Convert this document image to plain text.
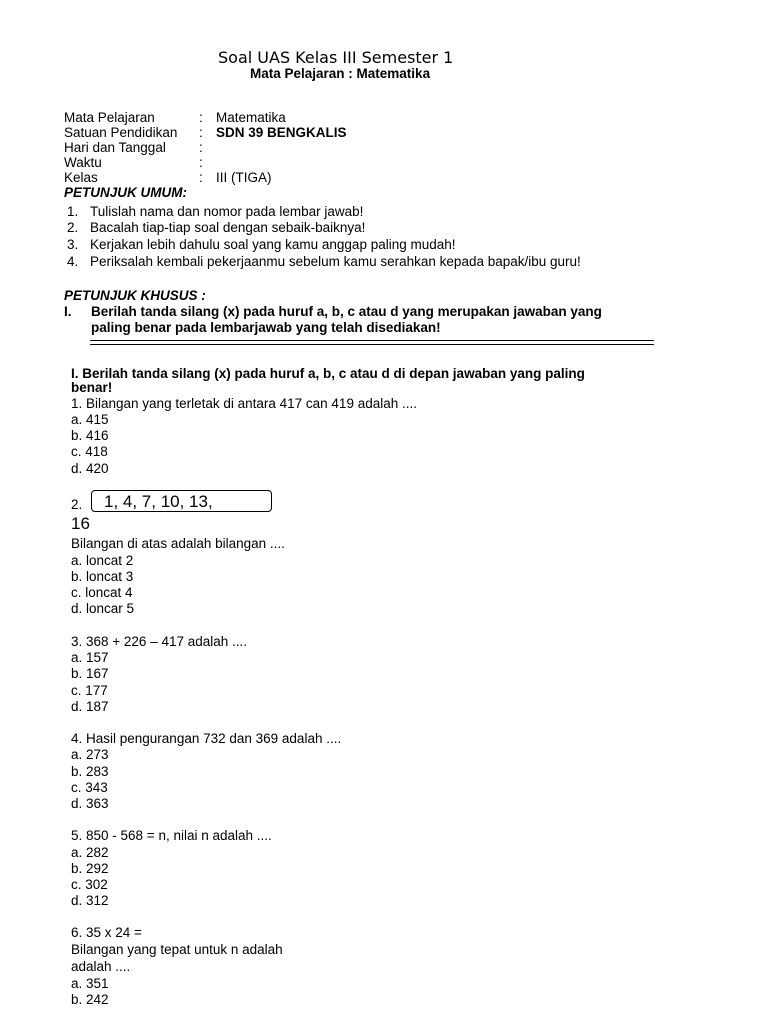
Soal UAS Kelas III Semester 1
Mata Pelajaran : Matematika
Mata Pelajaran	: Matematika
Satuan Pendidikan : SDN 39 BENGKALIS
Hari dan Tanggal :
Waktu	:
Kelas	: III (TIGA)
PETUNJUK UMUM:
1. Tulislah nama dan nomor pada lembar jawab!
2. Bacalah tiap-tiap soal dengan sebaik-baiknya!
3. Kerjakan lebih dahulu soal yang kamu anggap paling mudah!
4. Periksalah kembali pekerjaanmu sebelum kamu serahkan kepada bapak/ibu guru!
PETUNJUK KHUSUS :
I. Berilah tanda silang (x) pada huruf a, b, c atau d yang merupakan jawaban yang
paling benar pada lembarjawab yang telah disediakan!
I. Berilah tanda silang (x) pada huruf a, b, c atau d di depan jawaban yang paling
benar!
1. Bilangan yang terletak di antara 417 can 419 adalah ....
a. 415
b. 416
c. 418
d. 420
2. 1, 4, 7, 10, 13,
16
Bilangan di atas adalah bilangan ....
a. loncat 2
b. loncat 3
c. loncat 4
d. loncar 5
3. 368 + 226 – 417 adalah ....
a. 157
b. 167
c. 177
d. 187
4. Hasil pengurangan 732 dan 369 adalah ....
a. 273
b. 283
c. 343
d. 363
5. 850 - 568 = n, nilai n adalah ....
a. 282
b. 292
c. 302
d. 312
6. 35 x 24 =
Bilangan yang tepat untuk n adalah
adalah ....
a. 351
b. 242
